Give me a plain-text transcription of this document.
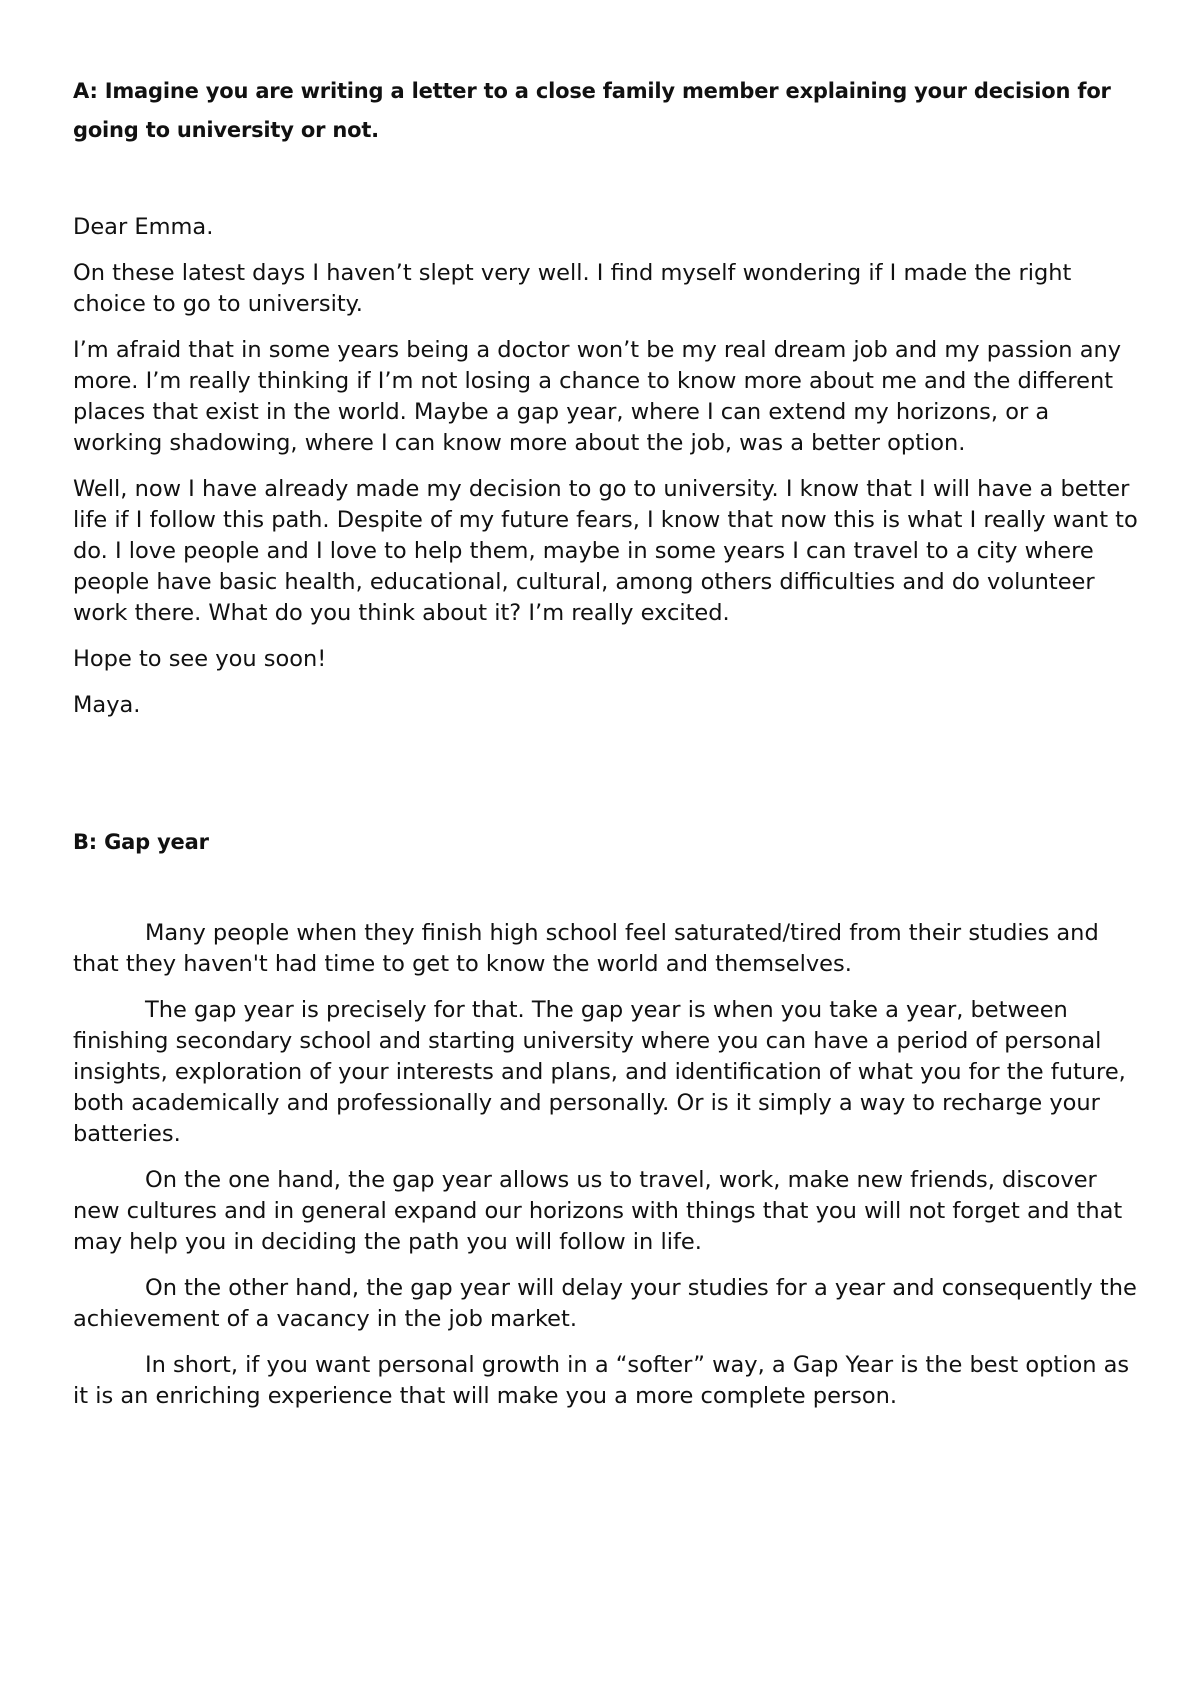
A: Imagine you are writing a letter to a close family member explaining your decision for going to university or not.

Dear Emma.

On these latest days I haven’t slept very well. I find myself wondering if I made the right choice to go to university.

I’m afraid that in some years being a doctor won’t be my real dream job and my passion any more. I’m really thinking if I’m not losing a chance to know more about me and the different places that exist in the world. Maybe a gap year, where I can extend my horizons, or a working shadowing, where I can know more about the job, was a better option.

Well, now I have already made my decision to go to university. I know that I will have a better life if I follow this path. Despite of my future fears, I know that now this is what I really want to do. I love people and I love to help them, maybe in some years I can travel to a city where people have basic health, educational, cultural, among others difficulties and do volunteer work there. What do you think about it? I’m really excited.

Hope to see you soon!

Maya.

B: Gap year

Many people when they finish high school feel saturated/tired from their studies and that they haven't had time to get to know the world and themselves.

The gap year is precisely for that. The gap year is when you take a year, between finishing secondary school and starting university where you can have a period of personal insights, exploration of your interests and plans, and identification of what you for the future, both academically and professionally and personally. Or is it simply a way to recharge your batteries.

On the one hand, the gap year allows us to travel, work, make new friends, discover new cultures and in general expand our horizons with things that you will not forget and that may help you in deciding the path you will follow in life.

On the other hand, the gap year will delay your studies for a year and consequently the achievement of a vacancy in the job market.

In short, if you want personal growth in a “softer” way, a Gap Year is the best option as it is an enriching experience that will make you a more complete person.
